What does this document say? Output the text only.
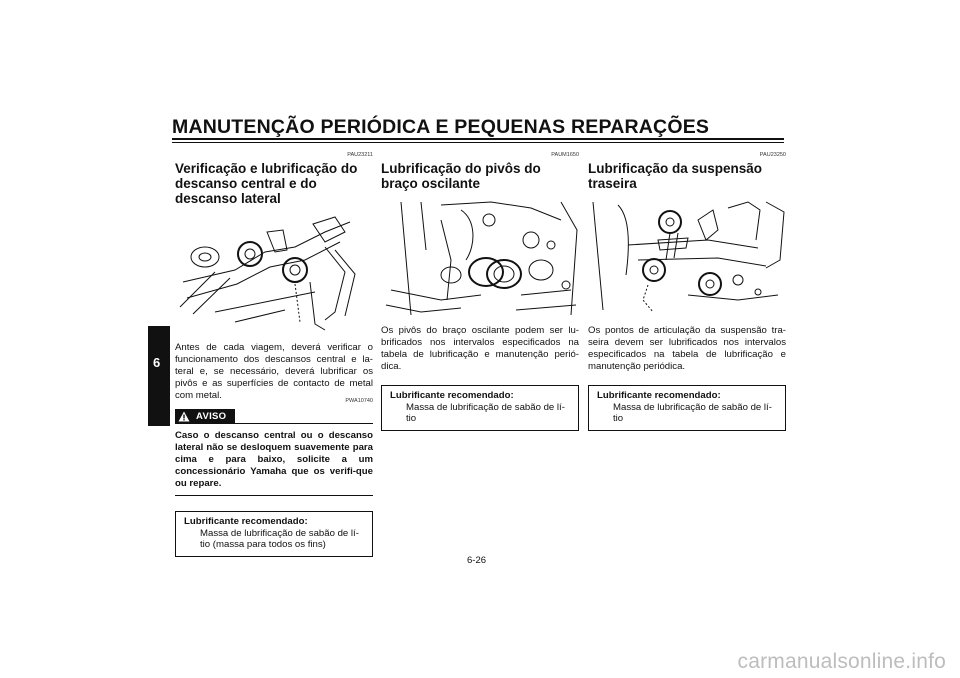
MANUTENÇÃO PERIÓDICA E PEQUENAS REPARAÇÕES
6
PAU23211
Verificação e lubrificação do descanso central e do descanso lateral
Antes de cada viagem, deverá verificar o funcionamento dos descansos central e la-teral e, se necessário, deverá lubrificar os pivôs e as superfícies de contacto de metal com metal.	PWA10740
AVISO
Caso o descanso central ou o descanso lateral não se desloquem suavemente para cima e para baixo, solicite a um concessionário Yamaha que os verifi-que ou repare.
Lubrificante recomendado:
Massa de lubrificação de sabão de lí-tio (massa para todos os fins)
PAUM1650
Lubrificação do pivôs do braço oscilante
Os pivôs do braço oscilante podem ser lu-brificados nos intervalos especificados na tabela de lubrificação e manutenção perió-dica.
Lubrificante recomendado:
Massa de lubrificação de sabão de lí-tio
PAU23250
Lubrificação da suspensão traseira
Os pontos de articulação da suspensão tra-seira devem ser lubrificados nos intervalos especificados na tabela de lubrificação e manutenção periódica.
Lubrificante recomendado:
Massa de lubrificação de sabão de lí-tio
6-26
carmanualsonline.info
